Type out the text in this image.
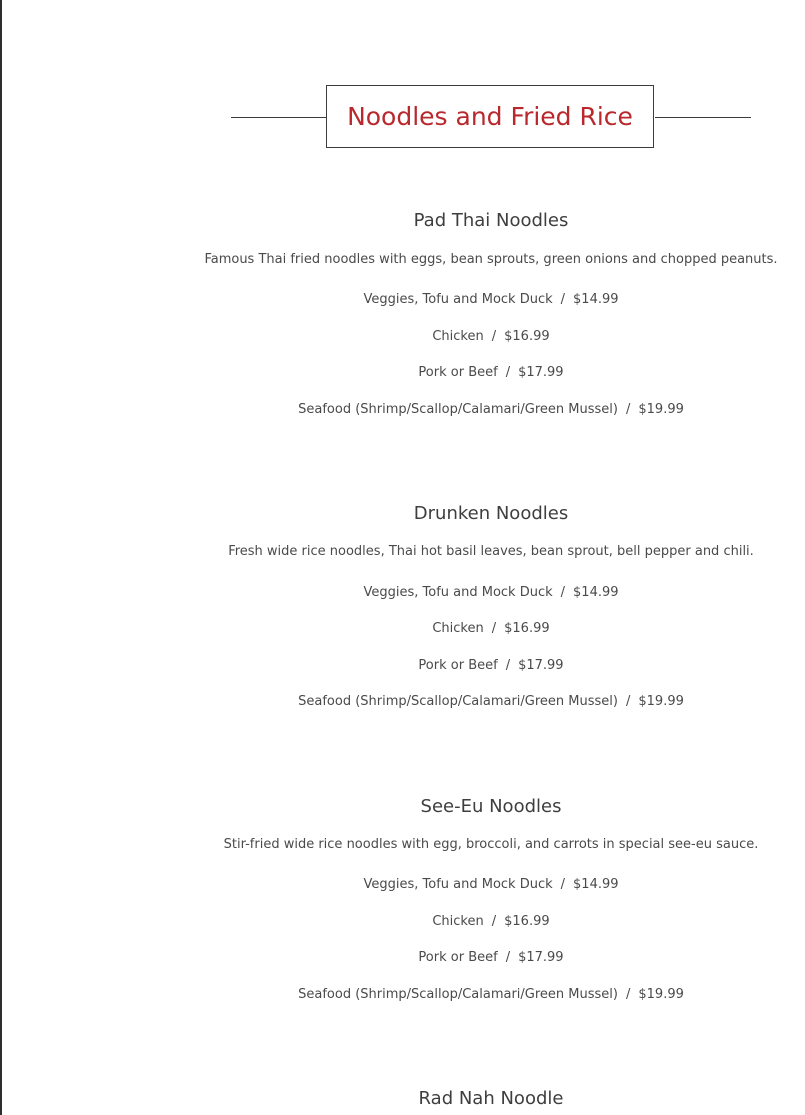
Noodles and Fried Rice
Pad Thai Noodles
Famous Thai fried noodles with eggs, bean sprouts, green onions and chopped peanuts.
Veggies, Tofu and Mock Duck / $14.99
Chicken / $16.99
Pork or Beef / $17.99
Seafood (Shrimp/Scallop/Calamari/Green Mussel) / $19.99
Drunken Noodles
Fresh wide rice noodles, Thai hot basil leaves, bean sprout, bell pepper and chili.
Veggies, Tofu and Mock Duck / $14.99
Chicken / $16.99
Pork or Beef / $17.99
Seafood (Shrimp/Scallop/Calamari/Green Mussel) / $19.99
See-Eu Noodles
Stir-fried wide rice noodles with egg, broccoli, and carrots in special see-eu sauce.
Veggies, Tofu and Mock Duck / $14.99
Chicken / $16.99
Pork or Beef / $17.99
Seafood (Shrimp/Scallop/Calamari/Green Mussel) / $19.99
Rad Nah Noodle
